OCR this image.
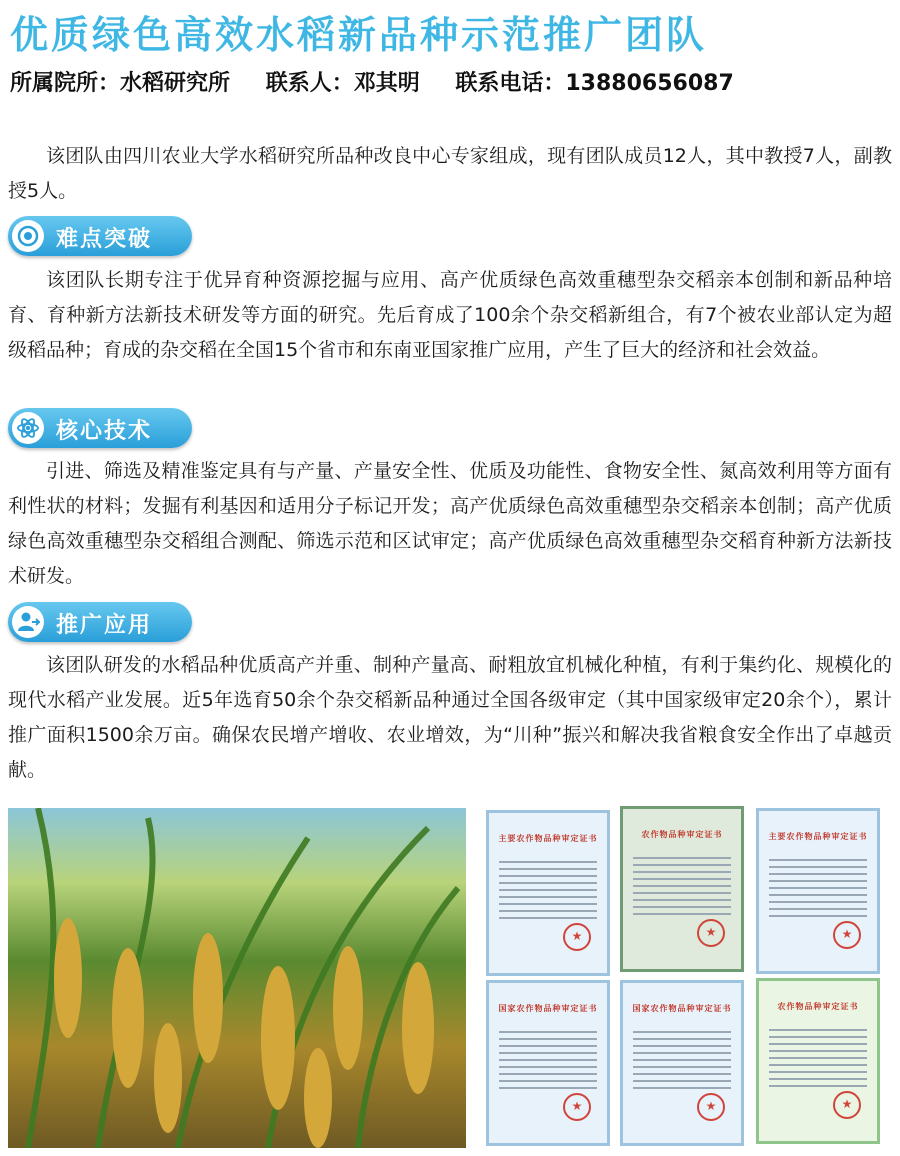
优质绿色高效水稻新品种示范推广团队
所属院所：水稻研究所 联系人：邓其明 联系电话：13880656087

该团队由四川农业大学水稻研究所品种改良中心专家组成，现有团队成员12人，其中教授7人，副教授5人。

难点突破

该团队长期专注于优异育种资源挖掘与应用、高产优质绿色高效重穗型杂交稻亲本创制和新品种培育、育种新方法新技术研发等方面的研究。先后育成了100余个杂交稻新组合，有7个被农业部认定为超级稻品种；育成的杂交稻在全国15个省市和东南亚国家推广应用，产生了巨大的经济和社会效益。

核心技术

引进、筛选及精准鉴定具有与产量、产量安全性、优质及功能性、食物安全性、氮高效利用等方面有利性状的材料；发掘有利基因和适用分子标记开发；高产优质绿色高效重穗型杂交稻亲本创制；高产优质绿色高效重穗型杂交稻组合测配、筛选示范和区试审定；高产优质绿色高效重穗型杂交稻育种新方法新技术研发。

推广应用

该团队研发的水稻品种优质高产并重、制种产量高、耐粗放宜机械化种植，有利于集约化、规模化的现代水稻产业发展。近5年选育50余个杂交稻新品种通过全国各级审定（其中国家级审定20余个），累计推广面积1500余万亩。确保农民增产增收、农业增效，为“川种”振兴和解决我省粮食安全作出了卓越贡献。

主要农作物品种审定证书
★	农作物品种审定证书
★	主要农作物品种审定证书
★
国家农作物品种审定证书
★	国家农作物品种审定证书
★	农作物品种审定证书
★
